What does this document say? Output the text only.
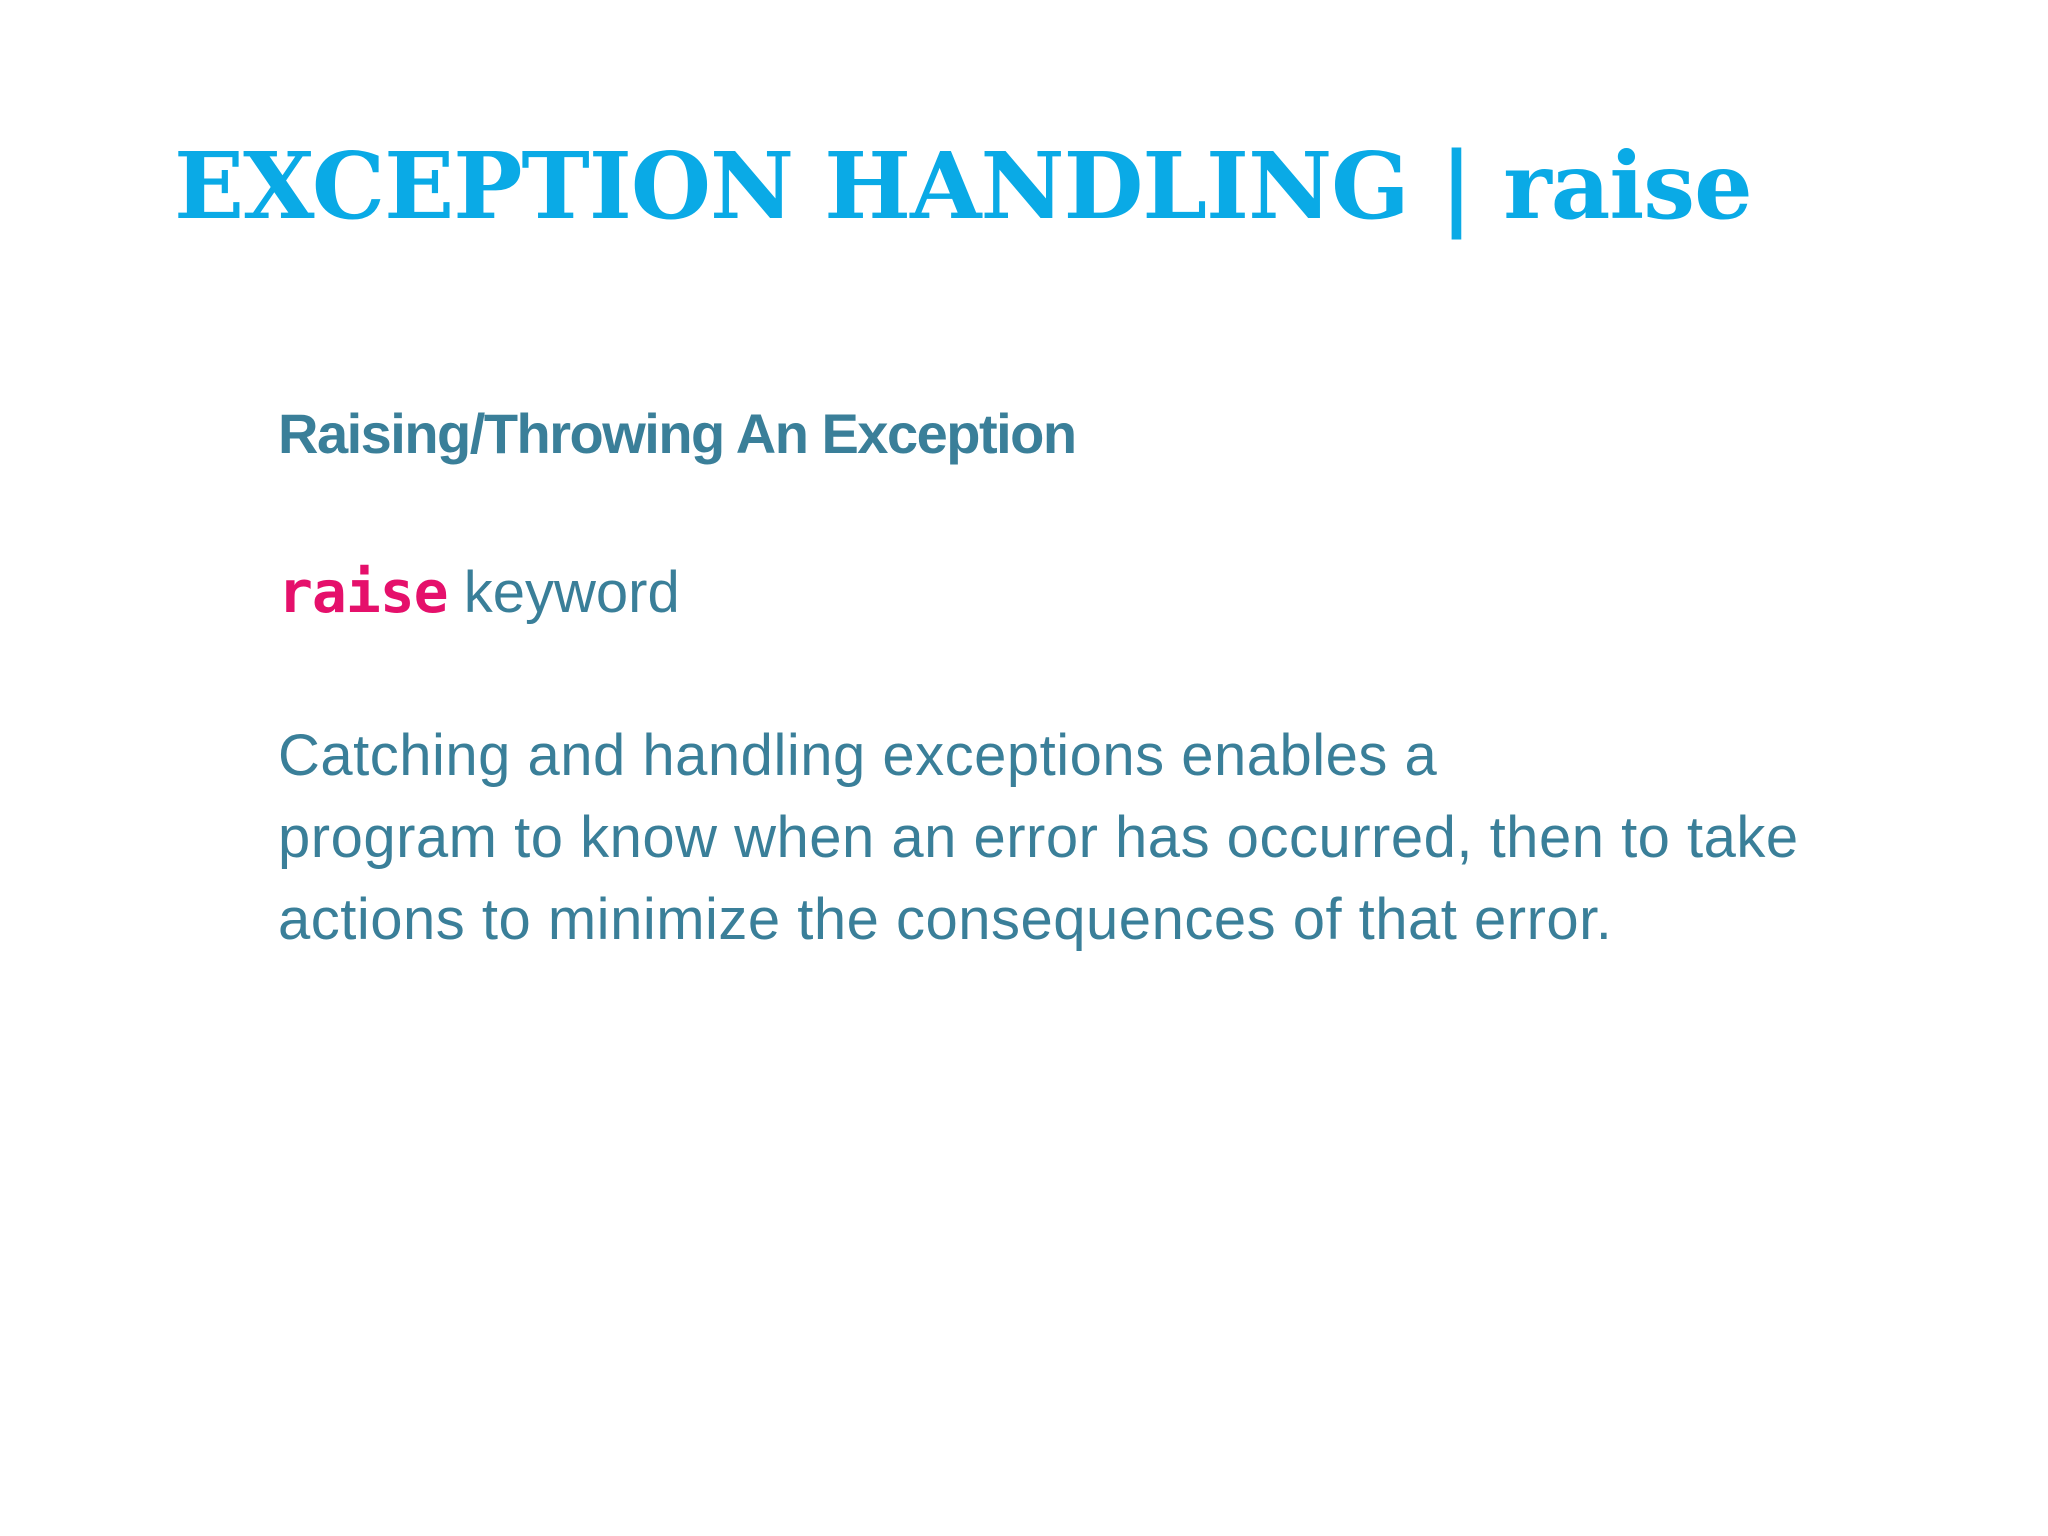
EXCEPTION HANDLING | raise
Raising/Throwing An Exception

raise keyword

Catching and handling exceptions enables a
program to know when an error has occurred, then to take
actions to minimize the consequences of that error.
